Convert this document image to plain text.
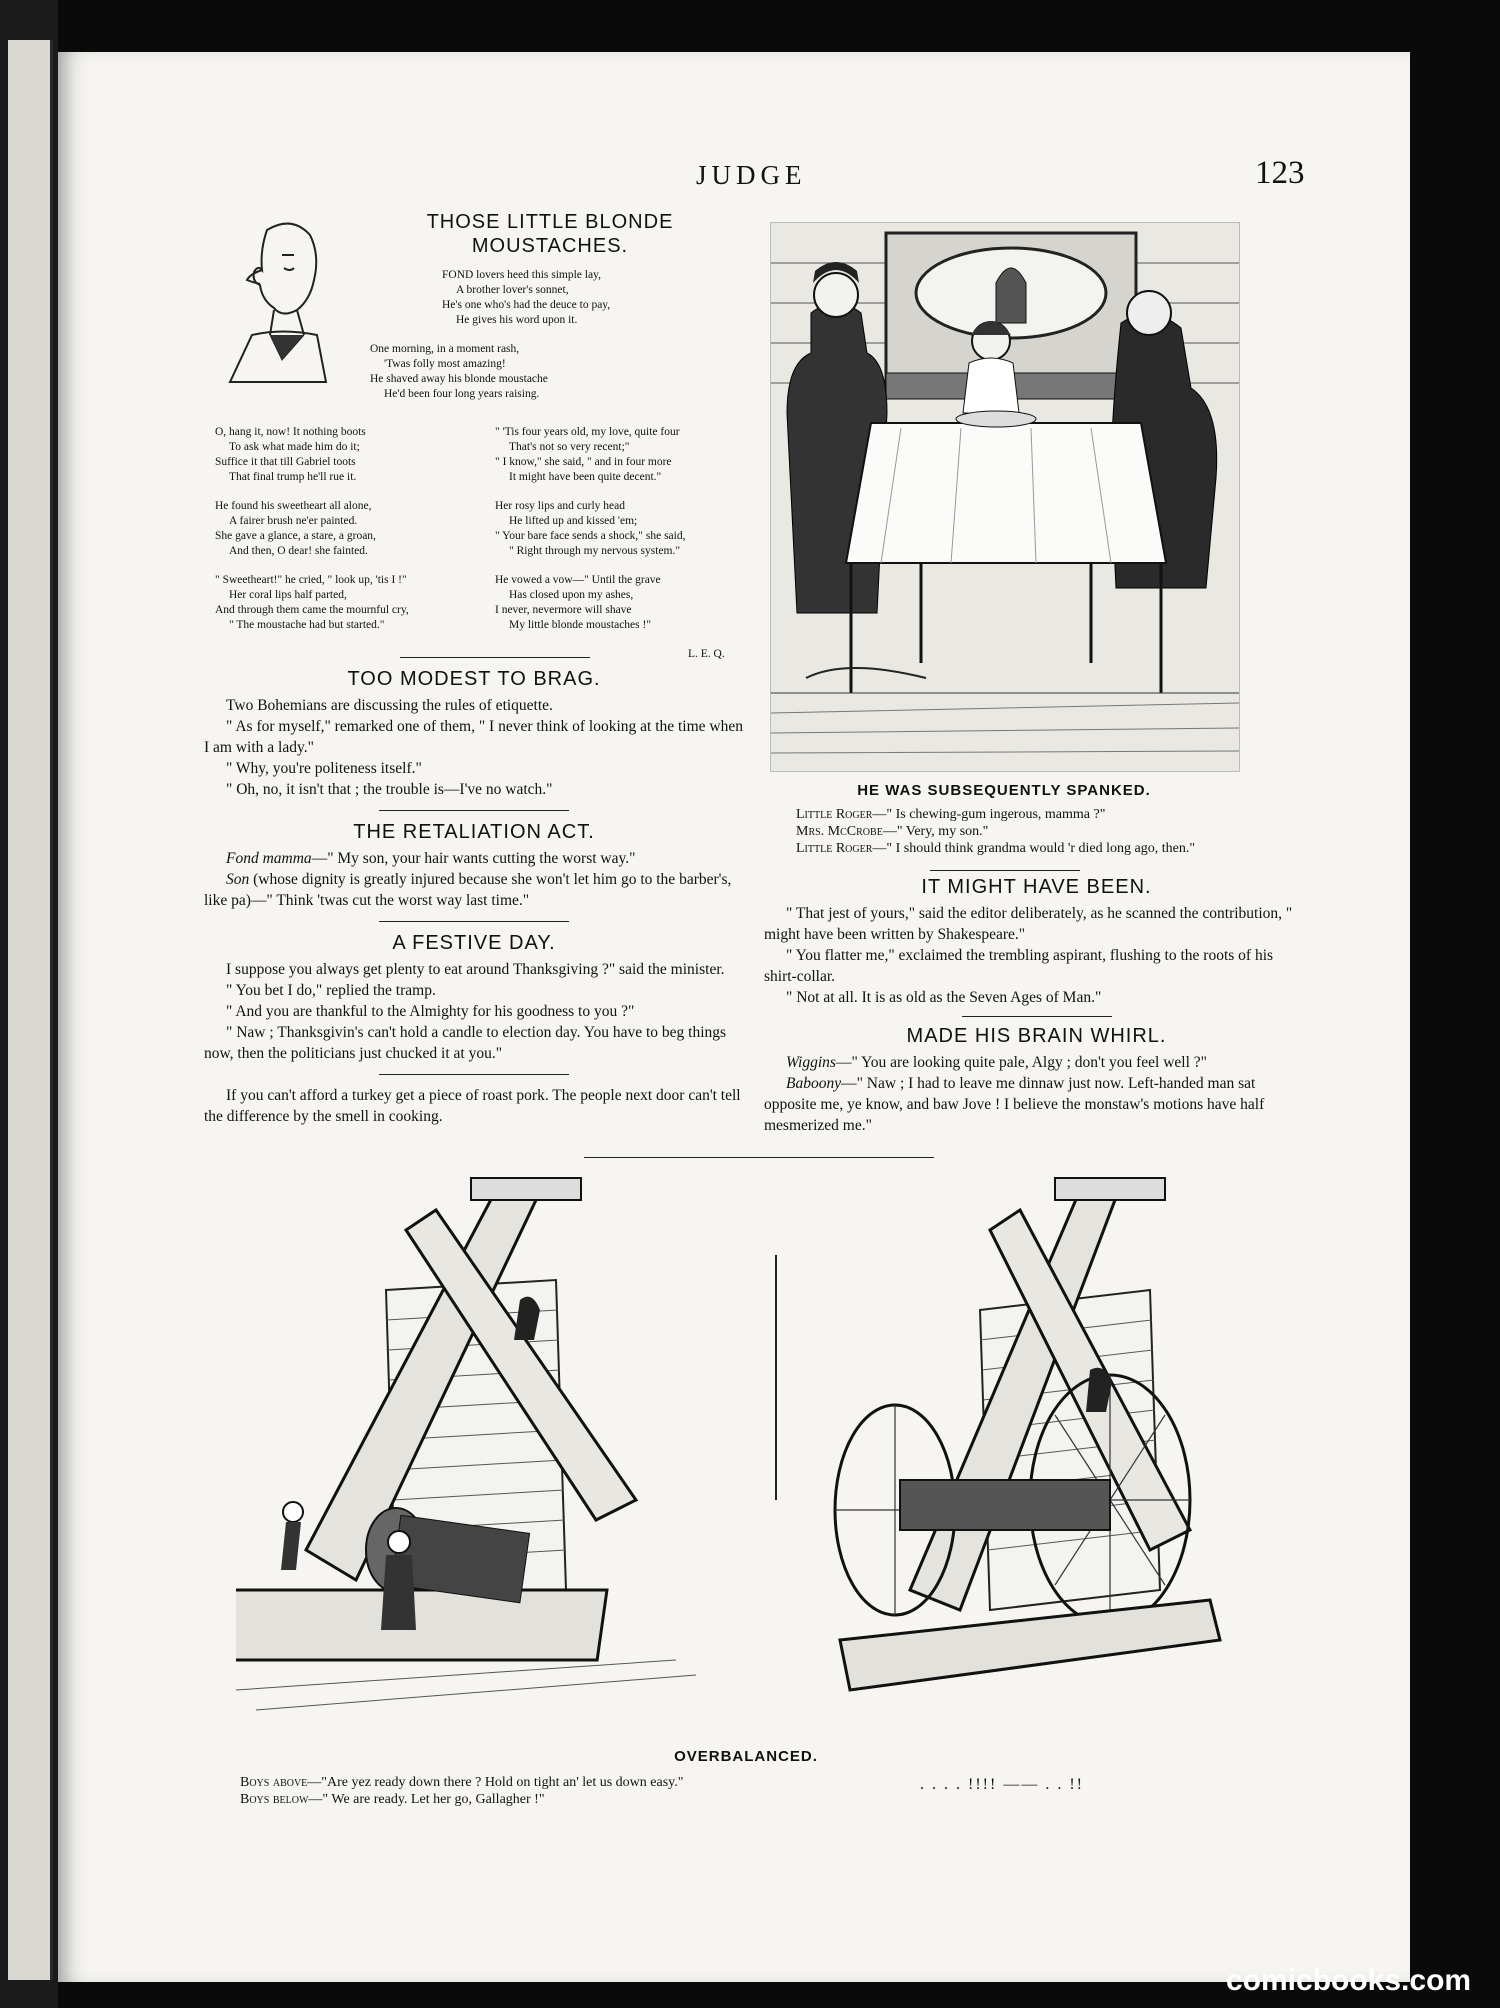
JUDGE	123
THOSE LITTLE BLONDE
MOUSTACHES.
FOND lovers heed this simple lay,
A brother lover's sonnet,
He's one who's had the deuce to pay,
He gives his word upon it.
One morning, in a moment rash,
'Twas folly most amazing!
He shaved away his blonde moustache
He'd been four long years raising.
O, hang it, now! It nothing boots
To ask what made him do it;
Suffice it that till Gabriel toots
That final trump he'll rue it.
He found his sweetheart all alone,
A fairer brush ne'er painted.
She gave a glance, a stare, a groan,
And then, O dear! she fainted.
" Sweetheart!" he cried, " look up, 'tis I !"
Her coral lips half parted,
And through them came the mournful cry,
" The moustache had but started."
" 'Tis four years old, my love, quite four
That's not so very recent;"
" I know," she said, " and in four more
It might have been quite decent."
Her rosy lips and curly head
He lifted up and kissed 'em;
" Your bare face sends a shock," she said,
" Right through my nervous system."
He vowed a vow—" Until the grave
Has closed upon my ashes,
I never, nevermore will shave
My little blonde moustaches !"
L. E. Q.
TOO MODEST TO BRAG.

Two Bohemians are discussing the rules of etiquette.

" As for myself," remarked one of them, " I never think of looking at the time when I am with a lady."

" Why, you're politeness itself."

" Oh, no, it isn't that ; the trouble is—I've no watch."

THE RETALIATION ACT.

Fond mamma—" My son, your hair wants cutting the worst way."

Son (whose dignity is greatly injured because she won't let him go to the barber's, like pa)—" Think 'twas cut the worst way last time."

A FESTIVE DAY.

I suppose you always get plenty to eat around Thanksgiving ?" said the minister.

" You bet I do," replied the tramp.

" And you are thankful to the Almighty for his goodness to you ?"

" Naw ; Thanksgivin's can't hold a candle to election day. You have to beg things now, then the politicians just chucked it at you."

If you can't afford a turkey get a piece of roast pork. The people next door can't tell the difference by the smell in cooking.

HE WAS SUBSEQUENTLY SPANKED.
Little Roger—" Is chewing-gum ingerous, mamma ?"
Mrs. McCrobe—" Very, my son."
Little Roger—" I should think grandma would 'r died long ago, then."
IT MIGHT HAVE BEEN.

" That jest of yours," said the editor deliberately, as he scanned the contribution, " might have been written by Shakespeare."

" You flatter me," exclaimed the trembling aspirant, flushing to the roots of his shirt-collar.

" Not at all. It is as old as the Seven Ages of Man."

MADE HIS BRAIN WHIRL.

Wiggins—" You are looking quite pale, Algy ; don't you feel well ?"

Baboony—" Naw ; I had to leave me dinnaw just now. Left-handed man sat opposite me, ye know, and baw Jove ! I believe the monstaw's motions have half mesmerized me."

OVERBALANCED.

Boys above—"Are yez ready down there ? Hold on tight an' let us down easy."

Boys below—" We are ready. Let her go, Gallagher !"

. . . . !!!! —— . . !!
comicbooks.com
